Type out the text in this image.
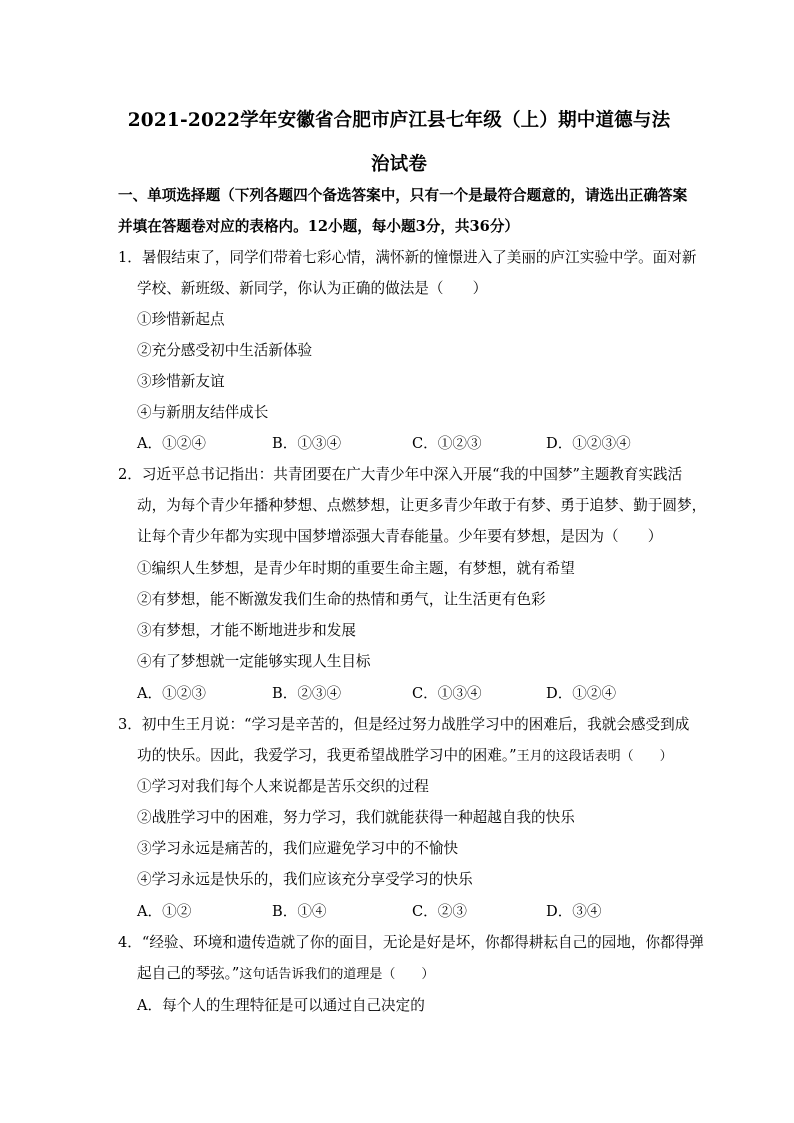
2021-2022学年安徽省合肥市庐江县七年级（上）期中道德与法
治试卷
一、单项选择题（下列各题四个备选答案中，只有一个是最符合题意的，请选出正确答案
并填在答题卷对应的表格内。12小题，每小题3分，共36分）
1．暑假结束了，同学们带着七彩心情，满怀新的憧憬进入了美丽的庐江实验中学。面对新
学校、新班级、新同学，你认为正确的做法是（　　）
①珍惜新起点
②充分感受初中生活新体验
③珍惜新友谊
④与新朋友结伴成长
A．①②④	B．①③④	C．①②③	D．①②③④
2．习近平总书记指出：共青团要在广大青少年中深入开展“我的中国梦”主题教育实践活
动，为每个青少年播种梦想、点燃梦想，让更多青少年敢于有梦、勇于追梦、勤于圆梦，
让每个青少年都为实现中国梦增添强大青春能量。少年要有梦想，是因为（　　）
①编织人生梦想，是青少年时期的重要生命主题，有梦想，就有希望
②有梦想，能不断激发我们生命的热情和勇气，让生活更有色彩
③有梦想，才能不断地进步和发展
④有了梦想就一定能够实现人生目标
A．①②③	B．②③④	C．①③④	D．①②④
3．初中生王月说：“学习是辛苦的，但是经过努力战胜学习中的困难后，我就会感受到成
功的快乐。因此，我爱学习，我更希望战胜学习中的困难。”王月的这段话表明（　　）
①学习对我们每个人来说都是苦乐交织的过程
②战胜学习中的困难，努力学习，我们就能获得一种超越自我的快乐
③学习永远是痛苦的，我们应避免学习中的不愉快
④学习永远是快乐的，我们应该充分享受学习的快乐
A．①②	B．①④	C．②③	D．③④
4．“经验、环境和遗传造就了你的面目，无论是好是坏，你都得耕耘自己的园地，你都得弹
起自己的琴弦。”这句话告诉我们的道理是（　　）
A．每个人的生理特征是可以通过自己决定的
